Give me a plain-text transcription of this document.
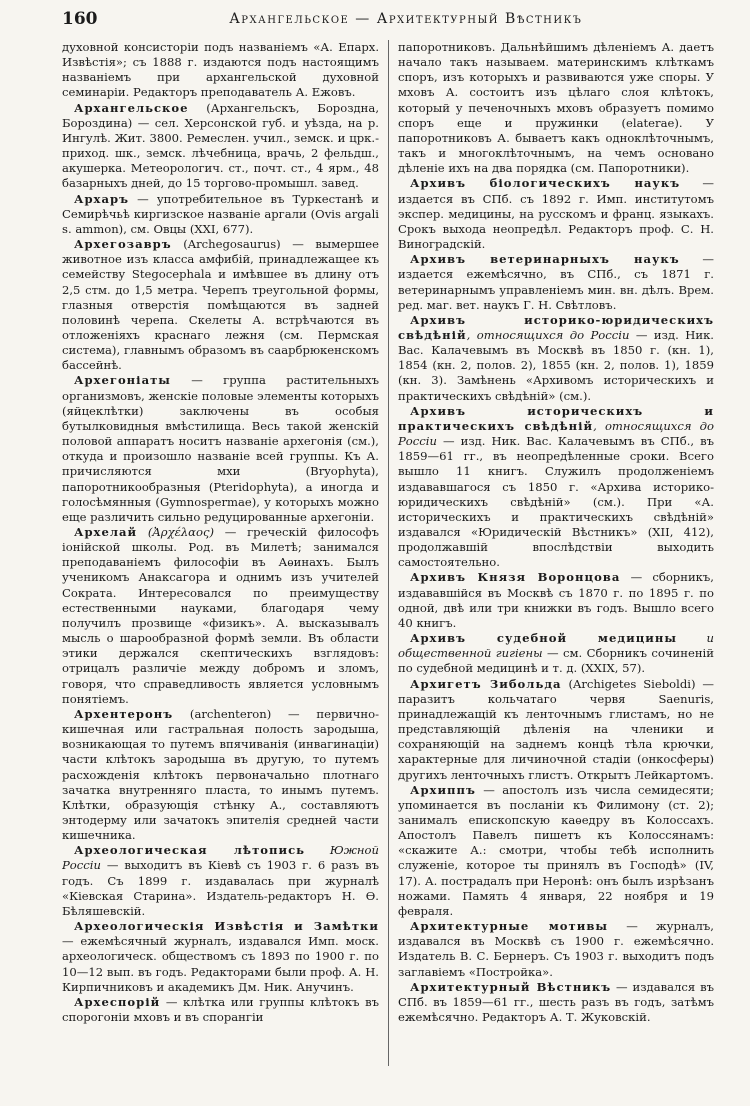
160	Архангельское — Архитектурный Вѣстникъ

духовной консисторіи подъ названіемъ «А. Епарх. Извѣстія»; съ 1888 г. издаются подъ настоящимъ названіемъ при архангельской духовной семинаріи. Редакторъ преподаватель А. Ежовъ.

Архангельское (Архангельскъ, Бороздна, Бороздина) — сел. Херсонской губ. и уѣзда, на р. Ингулѣ. Жит. 3800. Ремеслен. учил., земск. и црк.-приход. шк., земск. лѣчебница, врачь, 2 фельдш., акушерка. Метеорологич. ст., почт. ст., 4 ярм., 48 базарныхъ дней, до 15 торгово-промышл. завед.

Архаръ — употребительное въ Туркестанѣ и Семирѣчьѣ киргизское названіе аргали (Ovis argali s. ammon), см. Овцы (XXI, 677).

Архегозавръ (Archegosaurus) — вымершее животное изъ класса амфибій, принадлежащее къ семейству Stegocephala и имѣвшее въ длину отъ 2,5 стм. до 1,5 метра. Черепъ треугольной формы, глазныя отверстія помѣщаются въ задней половинѣ черепа. Скелеты А. встрѣчаются въ отложеніяхъ краснаго лежня (см. Пермская система), главнымъ образомъ въ саарбрюкенскомъ бассейнѣ.

Архегоніаты — группа растительныхъ организмовъ, женскіе половые элементы которыхъ (яйцеклѣтки) заключены въ особыя бутылковидныя вмѣстилища. Весь такой женскій половой аппаратъ носитъ названіе архегонія (см.), откуда и произошло названіе всей группы. Къ А. причисляются мхи (Bryophyta), папоротникообразныя (Pteridophyta), а иногда и голосѣмянныя (Gymnospermae), у которыхъ можно еще различить сильно редуцированные архегоніи.

Архелай (Ἀρχέλαος) — греческій философъ іонійской школы. Род. въ Милетѣ; занимался преподаваніемъ философіи въ Аѳинахъ. Былъ ученикомъ Анаксагора и однимъ изъ учителей Сократа. Интересовался по преимуществу естественными науками, благодаря чему получилъ прозвище «физикъ». А. высказывалъ мысль о шарообразной формѣ земли. Въ области этики держался скептическихъ взглядовъ: отрицалъ различіе между добромъ и зломъ, говоря, что справедливость является условнымъ понятіемъ.

Архентеронъ (archenteron) — первично-кишечная или гастральная полость зародыша, возникающая то путемъ впячиванія (инвагинаціи) части клѣтокъ зародыша въ другую, то путемъ расхожденія клѣтокъ первоначально плотнаго зачатка внутренняго пласта, то инымъ путемъ. Клѣтки, образующія стѣнку А., составляютъ энтодерму или зачатокъ эпителія средней части кишечника.

Археологическая лѣтопись Южной Россіи — выходитъ въ Кіевѣ съ 1903 г. 6 разъ въ годъ. Съ 1899 г. издавалась при журналѣ «Кіевская Старина». Издатель-редакторъ Н. Ѳ. Бѣляшевскій.

Археологическія Извѣстія и Замѣтки — ежемѣсячный журналъ, издавался Имп. моск. археологическ. обществомъ съ 1893 по 1900 г. по 10—12 вып. въ годъ. Редакторами были проф. А. Н. Кирпичниковъ и академикъ Дм. Ник. Анучинъ.

Археспорій — клѣтка или группы клѣтокъ въ спорогоніи мховъ и въ спорангіи

папоротниковъ. Дальнѣйшимъ дѣленіемъ А. даетъ начало такъ называем. материнскимъ клѣткамъ споръ, изъ которыхъ и развиваются уже споры. У мховъ А. состоитъ изъ цѣлаго слоя клѣтокъ, который у печеночныхъ мховъ образуетъ помимо споръ еще и пружинки (elaterae). У папоротниковъ А. бываетъ какъ одноклѣточнымъ, такъ и многоклѣточнымъ, на чемъ основано дѣленіе ихъ на два порядка (см. Папоротники).

Архивъ біологическихъ наукъ — издается въ СПб. съ 1892 г. Имп. институтомъ экспер. медицины, на русскомъ и франц. языкахъ. Срокъ выхода неопредѣл. Редакторъ проф. С. Н. Виноградскій.

Архивъ ветеринарныхъ наукъ — издается ежемѣсячно, въ СПб., съ 1871 г. ветеринарнымъ управленіемъ мин. вн. дѣлъ. Врем. ред. маг. вет. наукъ Г. Н. Свѣтловъ.

Архивъ историко-юридическихъ свѣдѣній, относящихся до Россіи — изд. Ник. Вас. Калачевымъ въ Москвѣ въ 1850 г. (кн. 1), 1854 (кн. 2, полов. 2), 1855 (кн. 2, полов. 1), 1859 (кн. 3). Замѣнень «Архивомъ историческихъ и практическихъ свѣдѣній» (см.).

Архивъ историческихъ и практическихъ свѣдѣній, относящихся до Россіи — изд. Ник. Вас. Калачевымъ въ СПб., въ 1859—61 гг., въ неопредѣленные сроки. Всего вышло 11 книгъ. Служилъ продолженіемъ издававшагося съ 1850 г. «Архива историко-юридическихъ свѣдѣній» (см.). При «А. историческихъ и практическихъ свѣдѣній» издавался «Юридическій Вѣстникъ» (XII, 412), продолжавшій впослѣдствіи выходить самостоятельно.

Архивъ Князя Воронцова — сборникъ, издававшійся въ Москвѣ съ 1870 г. по 1895 г. по одной, двѣ или три книжки въ годъ. Вышло всего 40 книгъ.

Архивъ судебной медицины и общественной гигіены — см. Сборникъ сочиненій по судебной медицинѣ и т. д. (XXIX, 57).

Архигетъ Зибольда (Archigetes Sieboldi) — паразитъ кольчатаго червя Saenuris, принадлежащій къ ленточнымъ глистамъ, но не представляющій дѣленія на членики и сохраняющій на заднемъ концѣ тѣла крючки, характерные для личиночной стадіи (онкосферы) другихъ ленточныхъ глистъ. Открытъ Лейкартомъ.

Архиппъ — апостолъ изъ числа семидесяти; упоминается въ посланіи къ Филимону (ст. 2); занималъ епископскую каѳедру въ Колоссахъ. Апостолъ Павелъ пишетъ къ Колоссянамъ: «скажите А.: смотри, чтобы тебѣ исполнить служеніе, которое ты принялъ въ Господѣ» (IV, 17). А. пострадалъ при Неронѣ: онъ былъ изрѣзанъ ножами. Память 4 января, 22 ноября и 19 февраля.

Архитектурные мотивы — журналъ, издавался въ Москвѣ съ 1900 г. ежемѣсячно. Издатель В. С. Бернеръ. Съ 1903 г. выходитъ подъ заглавіемъ «Постройка».

Архитектурный Вѣстникъ — издавался въ СПб. въ 1859—61 гг., шесть разъ въ годъ, затѣмъ ежемѣсячно. Редакторъ А. Т. Жуковскій.
